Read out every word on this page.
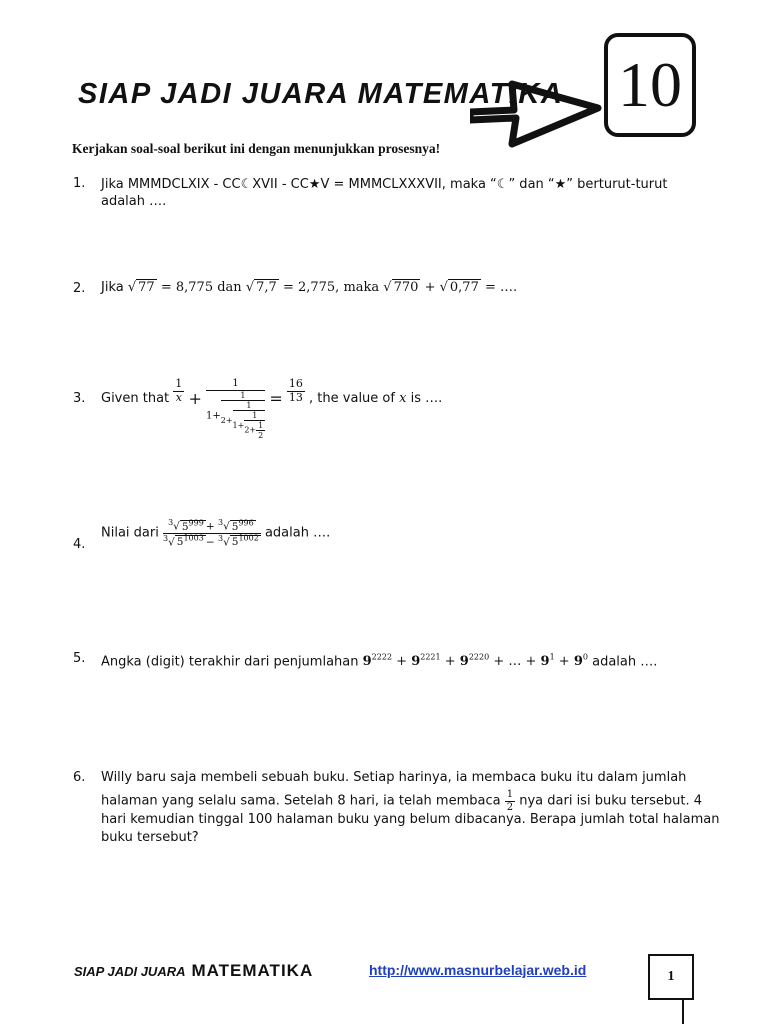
SIAP JADI JUARA MATEMATIKA 10
Kerjakan soal-soal berikut ini dengan menunjukkan prosesnya!
1. Jika MMMDCLXIX - CC☾XVII - CC★V = MMMCLXXXVII, maka “☾” dan “★” berturut-turut
adalah ….
2. Jika √ 77 = 8,775 dan √ 7,7 = 2,775, maka √ 770 + √ 0,77 = ….
3. Given that $\frac{1}{x} + \frac{1}{1+ \frac{1}{2+ \frac{1}{1+ \frac{1}{2+ \frac{1}{2}}}}} = \frac{16}{13}$ , the value of x is ….
4.
Nilai dari $\frac{^3√ 5^{999} + ^3√ 5^{996}}{^3√ 5^{1003} - ^3√ 5^{1002}}$ adalah ….
5. Angka (digit) terakhir dari penjumlahan $9^{2222} + 9^{2221} + 9^{2220}$ + … + $9^1 + 9^0$ adalah ….
6. Willy baru saja membeli sebuah buku. Setiap harinya, ia membaca buku itu dalam jumlah
halaman yang selalu sama. Setelah 8 hari, ia telah membaca $\frac{1}{2}$ nya dari isi buku tersebut. 4
hari kemudian tinggal 100 halaman buku yang belum dibacanya. Berapa jumlah total halaman
buku tersebut?
SIAP JADI JUARA MATEMATIKA	http://www.masnurbelajar.web.id	1
